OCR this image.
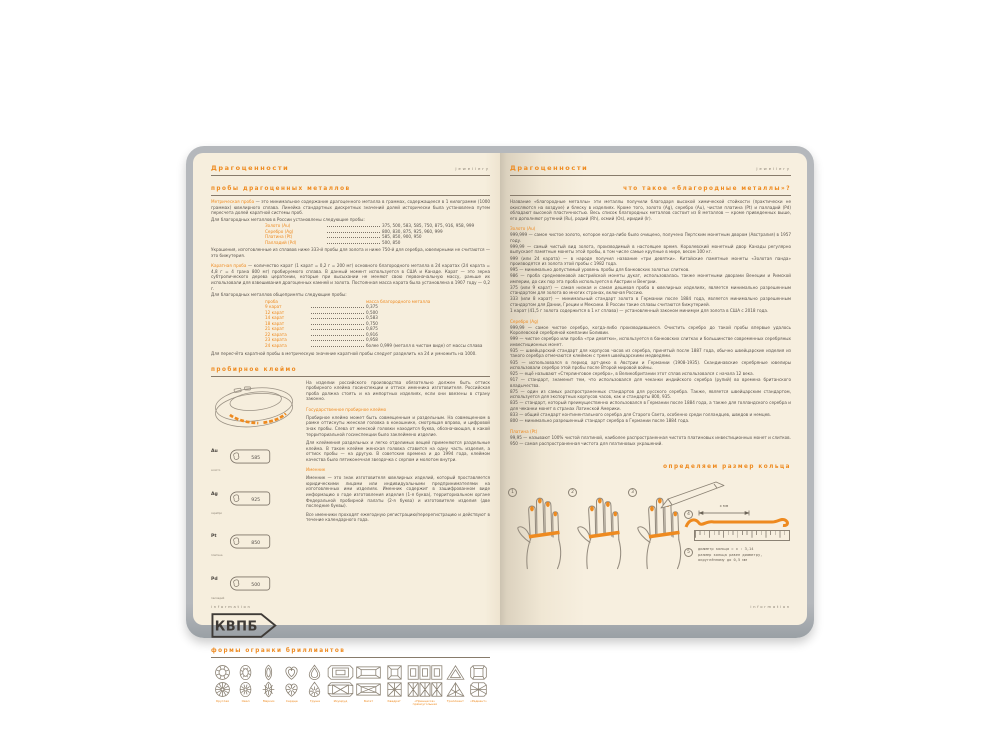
Драгоценности	Jewellery
пробы драгоценных металлов

Метрическая проба — это минимальное содержание драгоценного металла в граммах, содержащееся в 1 килограмме (1000 граммах) ювелирного сплава. Линейка стандартных дискретных значений долей исторически была установлена путем пересчета долей каратной системы проб.

Для благородных металлов в России установлены следующие пробы:

Золото (Au)	375, 500, 583, 585, 750, 875, 916, 958, 999
Серебро (Ag)	800, 830, 875, 925, 960, 999
Платина (Pt)	585, 850, 900, 950
Палладий (Pd)	500, 850

Украшения, изготовленные из сплавов ниже 333-й пробы для золота и ниже 750-й для серебра, ювелирными не считаются — это бижутерия.

Каратная проба — количество карат (1 карат = 0,2 г = 200 мг) основного благородного металла в 24 каратах (24 карата = 4,8 г = 4 грана 800 мг) пробируемого сплава. В данный момент используется в США и Канаде. Карат — это зерна субтропического дерева цератонии, которые при высыхании не меняют свою первоначальную массу, раньше их использовали для взвешивания драгоценных камней и золота. Постоянная масса карата была установлена в 1907 году — 0,2 г.

Для благородных металлов общеприняты следующие пробы:

проба	масса благородного металла
9 карат	0,375
12 карат	0,500
14 карат	0,583
18 карат	0,750
21 карат	0,875
22 карата	0,916
23 карата	0,958
24 карата	более 0,999 (металл в чистом виде) от массы сплава

Для пересчёта каратной пробы в метрическую значение каратной пробы следует разделить на 24 и умножить на 1000.

пробирное клеймо
Au золото
585
Ag серебро
925
Pt платина
850
Pd палладий
500
КВПБ

На изделии российского производства обязательно должен быть оттиск пробирного клейма госинспекции и оттиск именника изготовителя. Российская проба должна стоять и на импортных изделиях, если они ввезены в страну законно.

Государственное пробирное клеймо

Пробирное клеймо может быть совмещенным и раздельным. На совмещенном в рамке оттиснуты женская головка в кокошнике, смотрящая вправо, и цифровой знак пробы. Слева от женской головки находится буква, обозначающая, в какой территориальной госинспекции было заклеймено изделие.

Для клеймения раздельных и легко отделимых вещей применяются раздельные клейма. В таком клейме женская головка ставится на одну часть изделия, а оттиск пробы — на другую. В советские времена и до 1994 года, клеймом качества было пятиконечная звездочка с серпом и молотом внутри.

Именник

Именник — это знак изготовителя ювелирных изделий, который проставляется юридическими лицами или индивидуальными предпринимателями на изготовленных ими изделиях. Именник содержит в зашифрованном виде информацию о годе изготовления изделия (1-я буква), территориальном органе Федеральной пробирной палаты (2-я буква) и изготовителе изделия (две последние буквы).

Все именники проходят ежегодную регистрацию/перерегистрацию и действуют в течение календарного года.

формы огранки бриллиантов
Круглая	Овал	Маркиз	Сердце	Груша	Изумруд	Багет	Квадрат	«Принцесса» прямоугольная
Триллиант «Радиант»
information
Драгоценности	Jewellery
что такое «благородные металлы»?

Название «благородные металлы» эти металлы получили благодаря высокой химической стойкости (практически не окисляются на воздухе) и блеску в изделиях. Кроме того, золото (Ag), серебро (Au), чистая платина (Pt) и палладий (Pd) обладают высокой пластичностью. Весь список благородных металлов состоит из 8 металлов — кроме приведенных выше, его дополняют рутений (Ru), родий (Rh), осмий (Os), иридий (Ir).

Золото (Au)

999,999 — самое чистое золото, которое когда-либо было очищено, получено Пертским монетным двором (Австралия) в 1957 году.

999,99 — самый чистый вид золота, производимый в настоящее время. Королевский монетный двор Канады регулярно выпускает памятные монеты этой пробы, в том числе самые крупные в мире, весом 100 кг.

999 (или 24 карата) — в народе получил название «три девятки». Китайские памятные монеты «Золотая панда» производятся из золота этой пробы с 1982 года.

995 — минимально допустимый уровень пробы для банковских золотых слитков.

986 — проба средневековой австрийской монеты дукат, использовалась также монетными дворами Венеции и Римской империи, до сих пор эта проба используется в Австрии и Венгрии.

375 (или 9 карат) — самая низкая и самая дешевая проба в ювелирных изделиях, является минимально разрешенным стандартом для золота во многих странах, включая Россию.

333 (или 8 карат) — минимальный стандарт золота в Германии после 1884 года, является минимально разрешенным стандартом для Дании, Греции и Мексики. В России такие сплавы считаются бижутерией.

1 карат (41,5 г золота содержится в 1 кг сплава) — установленный законом минимум для золота в США с 2018 года.

Серебро (Ag)

999,99 — самое чистое серебро, когда-либо производившееся. Очистить серебро до такой пробы впервые удалось Королевской серебряной компании Боливии.

999 — чистое серебро или проба «три девятки», используется в банковских слитках и большинстве современных серебряных инвестиционных монет.

935 — швейцарский стандарт для корпусов часов из серебра, принятый после 1887 года, обычно швейцарские изделия из такого серебра отмечаются клеймом с тремя швейцарскими медведями.

935 — использовался в период арт-деко в Австрии и Германии (1908-1935). Скандинавские серебряные ювелиры использовали серебро этой пробы после Второй мировой войны.

925 — ещё называют «Стерлинговое серебро», в Великобритании этот сплав использовался с начала 12 века.

917 — стандарт, знаменит тем, что использовался для чеканки индийского серебра (рупий) во времена британского владычества.

875 — один из самых распространенных стандартов для русского серебра. Также, является швейцарским стандартом, используется для экспортных корпусов часов, как и стандарты 800, 935.

835 — стандарт, который преимущественно использовался в Германии после 1884 года, а также для голландского серебра и для чеканки монет в странах Латинской Америки.

833 — общий стандарт континентального серебра для Старого Света, особенно среди голландцев, шведов и немцев.

800 — минимально разрешенный стандарт серебра в Германии после 1884 года.

Платина (Pt)

99,95 — называют 100% чистой платиной, наиболее распространенная чистота платиновых инвестиционных монет и слитков.

950 — самая распространенная чистота для платиновых украшений.

определяем размер кольца
1	2	3
4
х мм
5
диаметр кольца = х : 3,14
размер кольца равен диаметру,
округлённому до 0,5 мм
information
